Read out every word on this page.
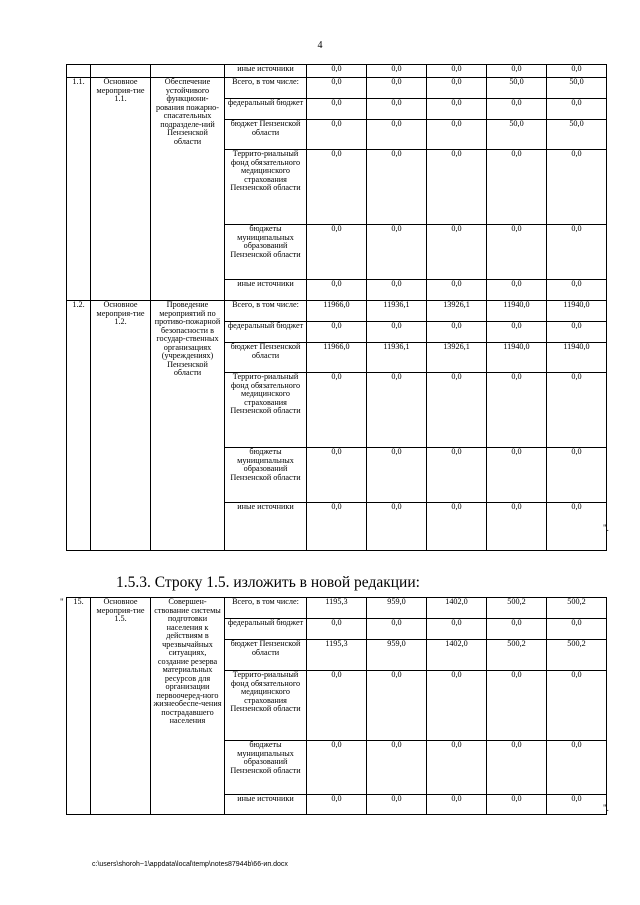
4
			иные источники	0,0	0,0	0,0	0,0	0,0
1.1.	Основное мероприя-тие 1.1.	Обеспечение устойчивого функциони-рования пожарно-спасательных подразделе-ний Пензенской области	Всего, в том числе:	0,0	0,0	0,0	50,0	50,0
			федеральный бюджет	0,0	0,0	0,0	0,0	0,0
			бюджет Пензенской области	0,0	0,0	0,0	50,0	50,0
			Террито-риальный фонд обязательного медицинского страхования Пензенской области	0,0	0,0	0,0	0,0	0,0
			бюджеты муниципальных образований Пензенской области	0,0	0,0	0,0	0,0	0,0
			иные источники	0,0	0,0	0,0	0,0	0,0
1.2.	Основное мероприя-тие 1.2.	Проведение мероприятий по противо-пожарной безопасности в государ-ственных организациях (учреждениях) Пензенской области	Всего, в том числе:	11966,0	11936,1	13926,1	11940,0	11940,0
			федеральный бюджет	0,0	0,0	0,0	0,0	0,0
			бюджет Пензенской области	11966,0	11936,1	13926,1	11940,0	11940,0
			Террито-риальный фонд обязательного медицинского страхования Пензенской области	0,0	0,0	0,0	0,0	0,0
			бюджеты муниципальных образований Пензенской области	0,0	0,0	0,0	0,0	0,0
			иные источники	0,0	0,0	0,0	0,0	0,0
".
1.5.3. Строку 1.5. изложить в новой редакции:
" 15.	Основное мероприя-тие 1.5.	Совершен-ствование системы подготовки населения к действиям в чрезвычайных ситуациях, создание резерва материальных ресурсов для организации первоочеред-ного жизнеобеспе-чения пострадавшего населения	Всего, в том числе:	1195,3	959,0	1402,0	500,2	500,2
			федеральный бюджет	0,0	0,0	0,0	0,0	0,0
			бюджет Пензенской области	1195,3	959,0	1402,0	500,2	500,2
			Террито-риальный фонд обязательного медицинского страхования Пензенской области	0,0	0,0	0,0	0,0	0,0
			бюджеты муниципальных образований Пензенской области	0,0	0,0	0,0	0,0	0,0
			иные источники	0,0	0,0	0,0	0,0	0,0
".
c:\users\shoroh~1\appdata\local\temp\notes87944b\66-ип.docx
